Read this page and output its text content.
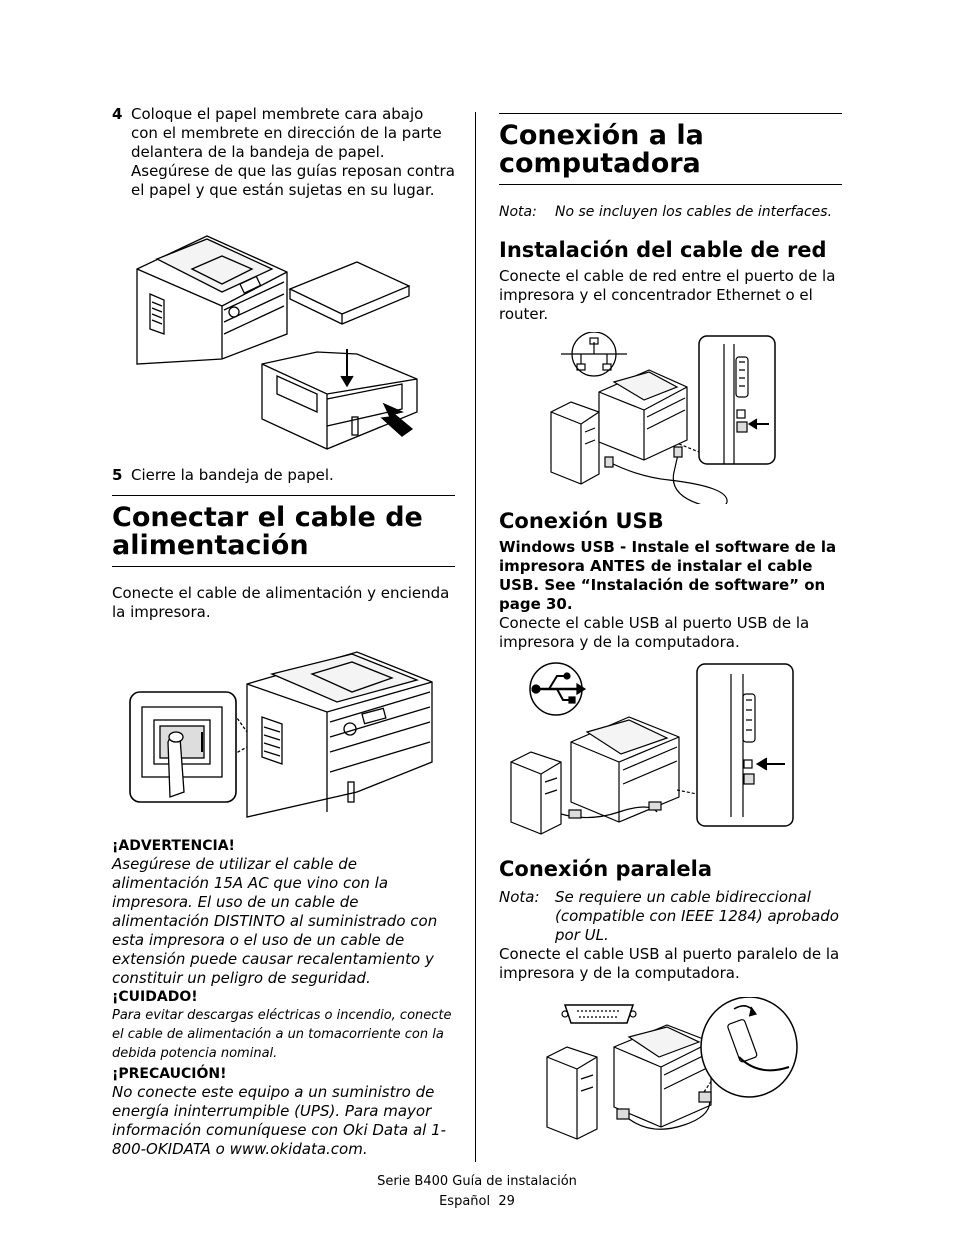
4 Coloque el papel membrete cara abajo con el membrete en dirección de la parte delantera de la bandeja de papel. Asegúrese de que las guías reposan contra el papel y que están sujetas en su lugar.
5 Cierre la bandeja de papel.
Conectar el cable de alimentación

Conecte el cable de alimentación y encienda la impresora.

¡ADVERTENCIA!

Asegúrese de utilizar el cable de alimentación 15A AC que vino con la impresora. El uso de un cable de alimentación DISTINTO al suministrado con esta impresora o el uso de un cable de extensión puede causar recalentamiento y constituir un peligro de seguridad.

¡CUIDADO!

Para evitar descargas eléctricas o incendio, conecte el cable de alimentación a un tomacorriente con la debida potencia nominal.

¡PRECAUCIÓN!

No conecte este equipo a un suministro de energía ininterrumpible (UPS). Para mayor información comuníquese con Oki Data al 1-800-OKIDATA o www.okidata.com.

Conexión a la computadora
Nota:	No se incluyen los cables de interfaces.
Instalación del cable de red

Conecte el cable de red entre el puerto de la impresora y el concentrador Ethernet o el router.

Conexión USB

Windows USB - Instale el software de la impresora ANTES de instalar el cable USB. See “Instalación de software” on page 30.

Conecte el cable USB al puerto USB de la impresora y de la computadora.

Conexión paralela
Nota:	Se requiere un cable bidireccional (compatible con IEEE 1284) aprobado por UL.

Conecte el cable USB al puerto paralelo de la impresora y de la computadora.

Serie B400 Guía de instalación
Español  29
